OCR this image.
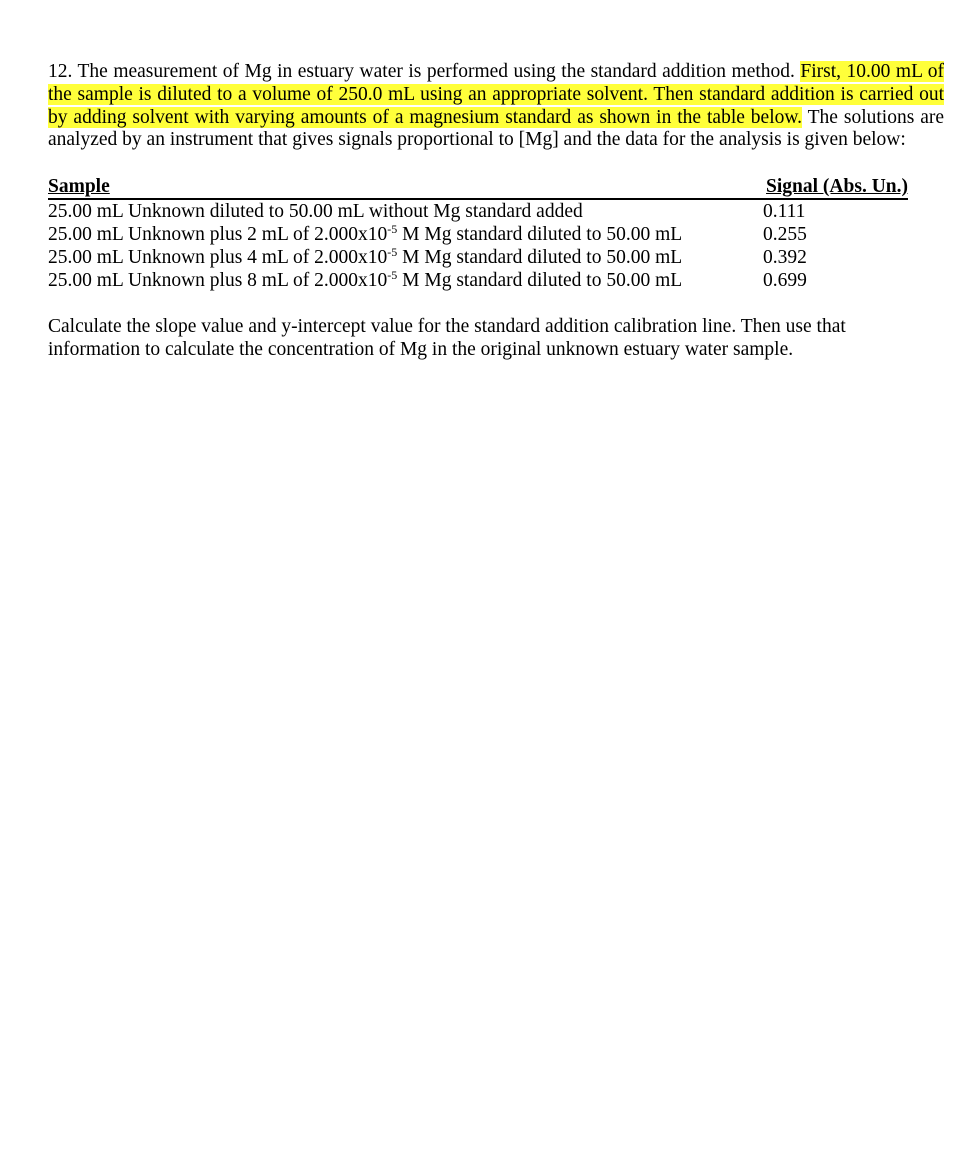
12. The measurement of Mg in estuary water is performed using the standard addition method. First, 10.00 mL of the sample is diluted to a volume of 250.0 mL using an appropriate solvent. Then standard addition is carried out by adding solvent with varying amounts of a magnesium standard as shown in the table below. The solutions are analyzed by an instrument that gives signals proportional to [Mg] and the data for the analysis is given below:

Sample	Signal (Abs. Un.)
25.00 mL Unknown diluted to 50.00 mL without Mg standard added	0.111
25.00 mL Unknown plus 2 mL of $2.000x10^{-5}$ M Mg standard diluted to 50.00 mL	0.255
25.00 mL Unknown plus 4 mL of $2.000x10^{-5}$ M Mg standard diluted to 50.00 mL	0.392
25.00 mL Unknown plus 8 mL of $2.000x10^{-5}$ M Mg standard diluted to 50.00 mL	0.699

Calculate the slope value and y-intercept value for the standard addition calibration line. Then use that information to calculate the concentration of Mg in the original unknown estuary water sample.
